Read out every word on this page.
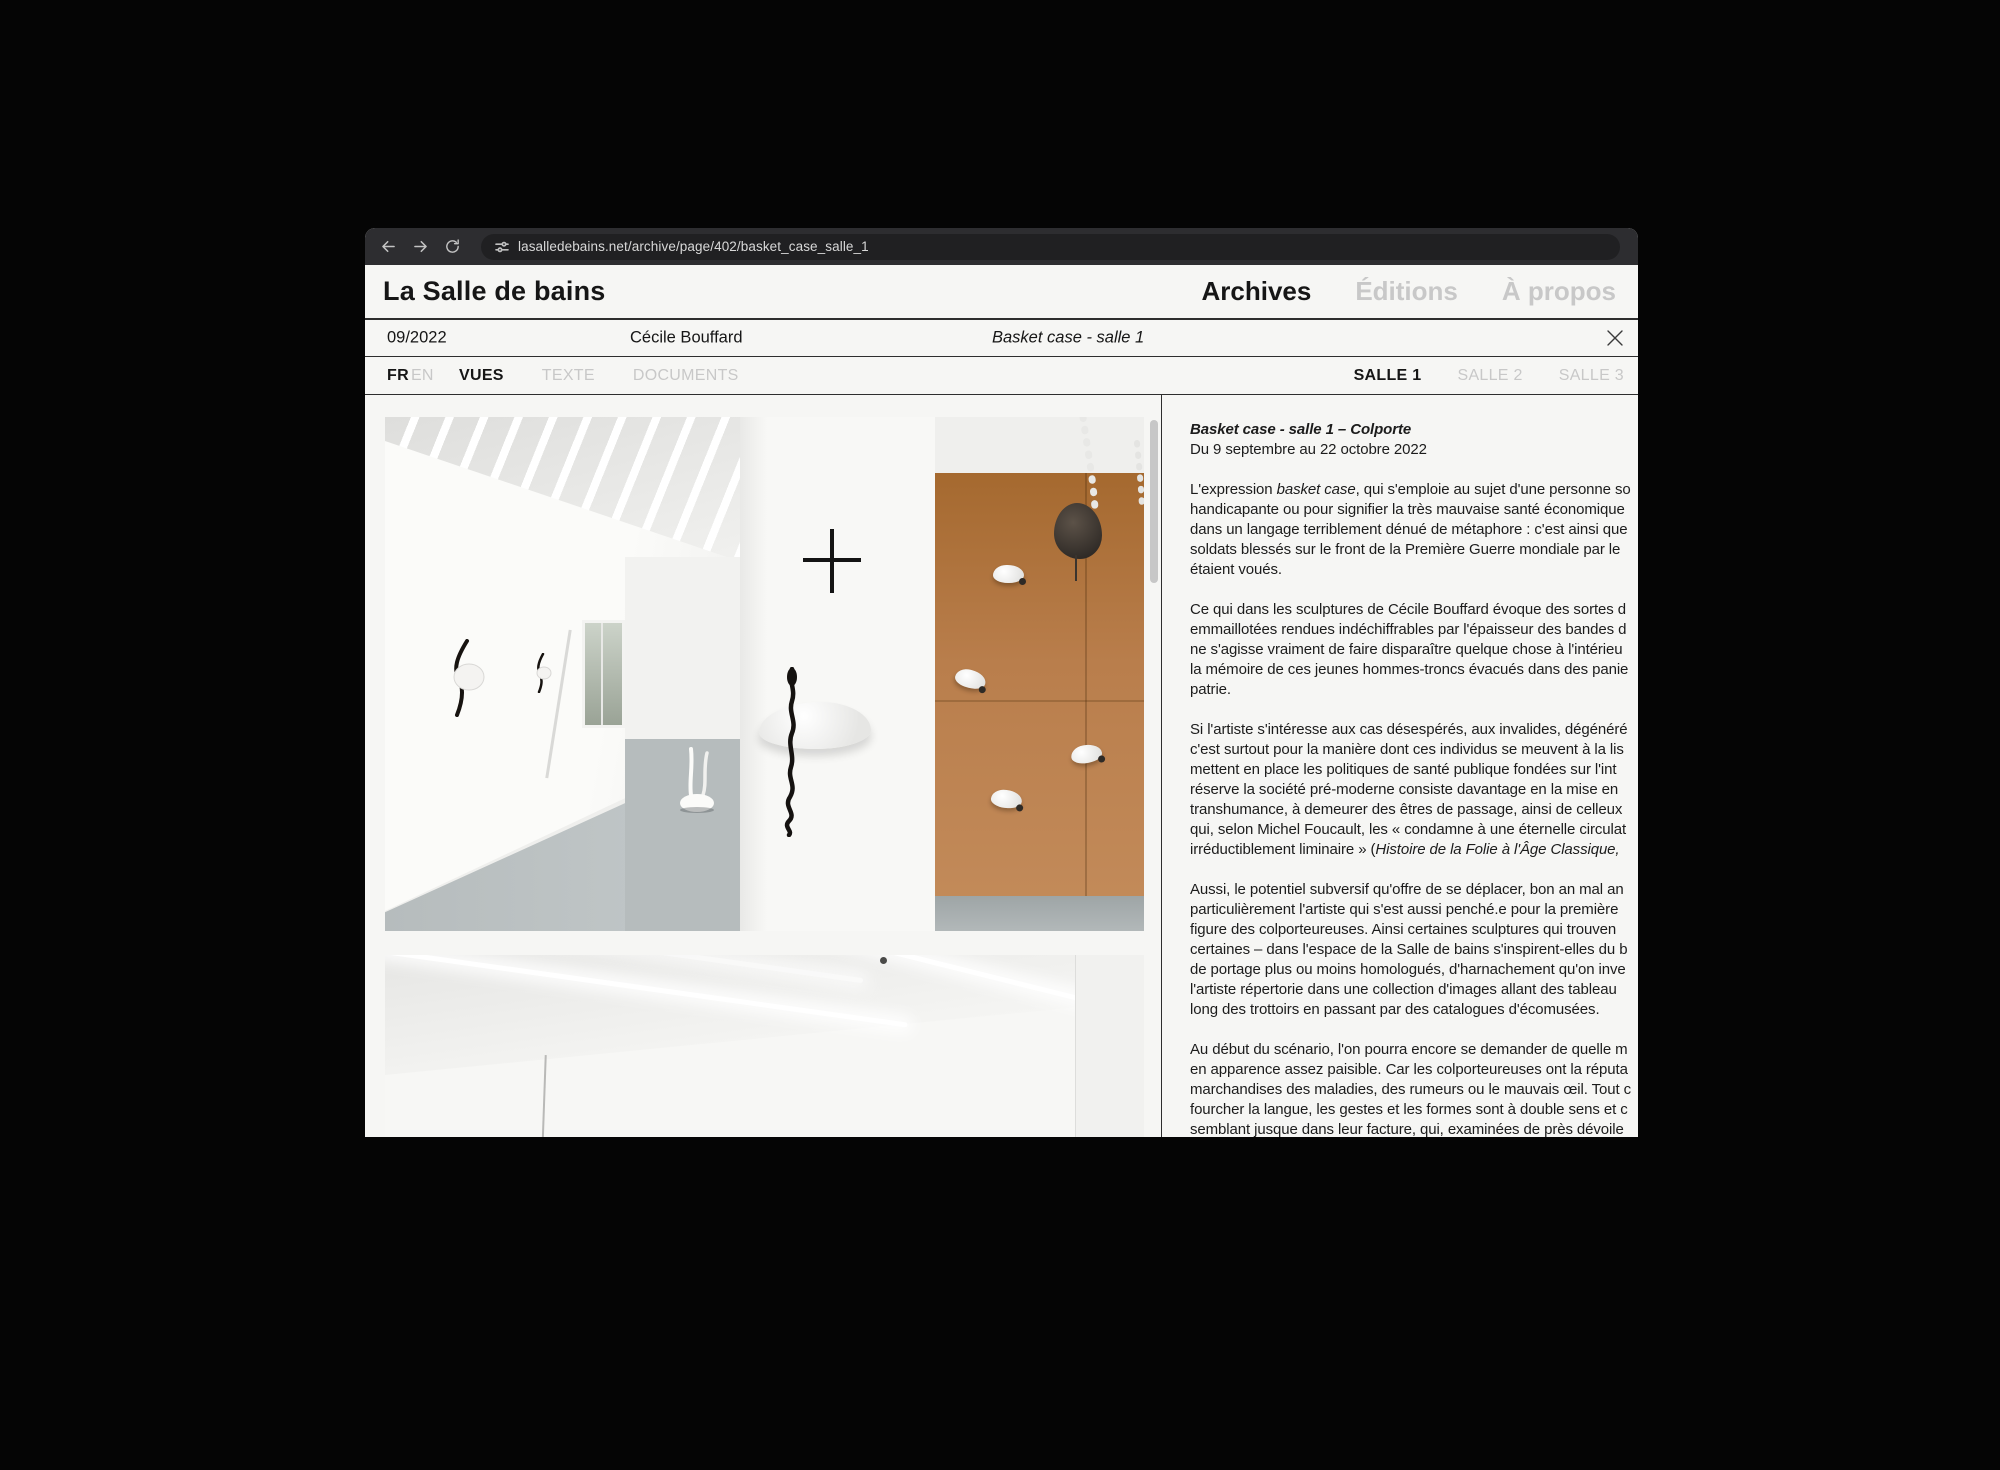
lasalledebains.net/archive/page/402/basket_case_salle_1
La Salle de bains	Archives Éditions À propos
09/2022	Cécile Bouffard	Basket case - salle 1
FR EN VUES TEXTE DOCUMENTS	SALLE 1 SALLE 2 SALLE 3
Basket case - salle 1 – Colporte
Du 9 septembre au 22 octobre 2022
L'expression basket case, qui s'emploie au sujet d'une personne so
handicapante ou pour signifier la très mauvaise santé économique
dans un langage terriblement dénué de métaphore : c'est ainsi que
soldats blessés sur le front de la Première Guerre mondiale par le
étaient voués.
Ce qui dans les sculptures de Cécile Bouffard évoque des sortes d
emmaillotées rendues indéchiffrables par l'épaisseur des bandes d
ne s'agisse vraiment de faire disparaître quelque chose à l'intérieu
la mémoire de ces jeunes hommes-troncs évacués dans des panie
patrie.
Si l'artiste s'intéresse aux cas désespérés, aux invalides, dégénéré
c'est surtout pour la manière dont ces individus se meuvent à la lis
mettent en place les politiques de santé publique fondées sur l'int
réserve la société pré-moderne consiste davantage en la mise en
transhumance, à demeurer des êtres de passage, ainsi de celleux
qui, selon Michel Foucault, les « condamne à une éternelle circulat
irréductiblement liminaire » (Histoire de la Folie à l'Âge Classique,
Aussi, le potentiel subversif qu'offre de se déplacer, bon an mal an
particulièrement l'artiste qui s'est aussi penché.e pour la première
figure des colporteureuses. Ainsi certaines sculptures qui trouven
certaines – dans l'espace de la Salle de bains s'inspirent-elles du b
de portage plus ou moins homologués, d'harnachement qu'on inve
l'artiste répertorie dans une collection d'images allant des tableau
long des trottoirs en passant par des catalogues d'écomusées.
Au début du scénario, l'on pourra encore se demander de quelle m
en apparence assez paisible. Car les colporteureuses ont la réputa
marchandises des maladies, des rumeurs ou le mauvais œil. Tout c
fourcher la langue, les gestes et les formes sont à double sens et c
semblant jusque dans leur facture, qui, examinées de près dévoile
